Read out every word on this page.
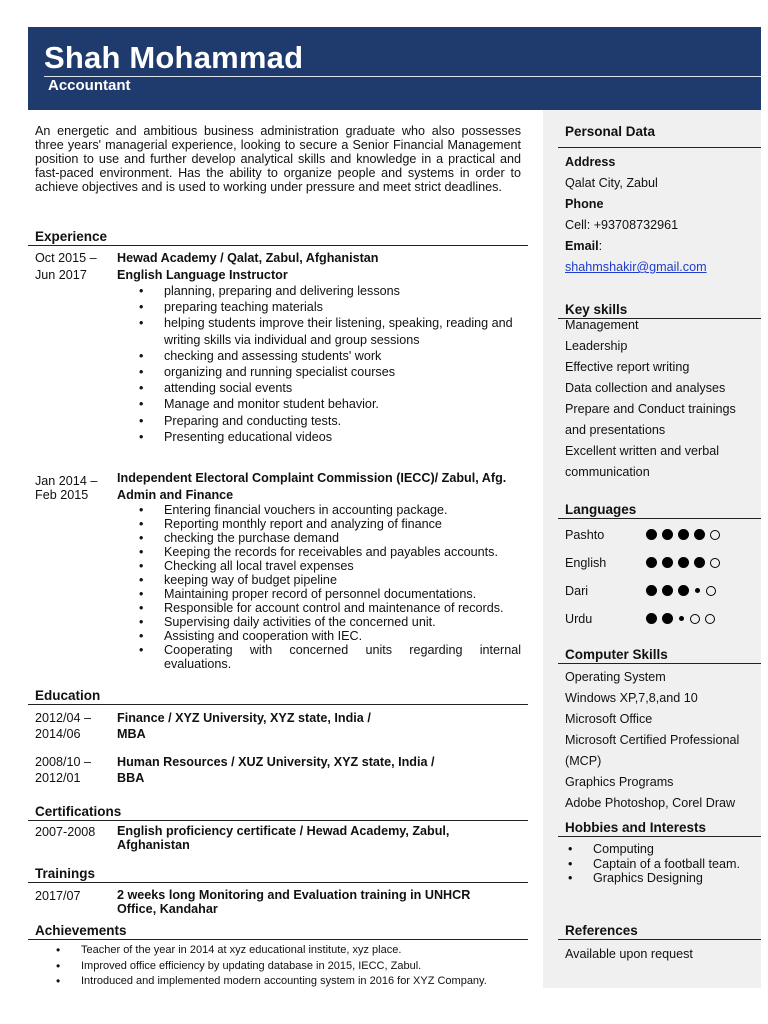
Shah Mohammad
Accountant
An energetic and ambitious business administration graduate who also possesses three years' managerial experience, looking to secure a Senior Financial Management position to use and further develop analytical skills and knowledge in a practical and fast-paced environment. Has the ability to organize people and systems in order to achieve objectives and is used to working under pressure and meet strict deadlines.
Experience
Oct 2015 –
Jun 2017
Hewad Academy / Qalat, Zabul, Afghanistan
English Language Instructor
• planning, preparing and delivering lessons
• preparing teaching materials
• helping students improve their listening, speaking, reading and writing skills via individual and group sessions
• checking and assessing students' work
• organizing and running specialist courses
• attending social events
• Manage and monitor student behavior.
• Preparing and conducting tests.
• Presenting educational videos
Jan 2014 –
Feb 2015
Independent Electoral Complaint Commission (IECC)/ Zabul, Afg.
Admin and Finance
• Entering financial vouchers in accounting package.
• Reporting monthly report and analyzing of finance
• checking the purchase demand
• Keeping the records for receivables and payables accounts.
• Checking all local travel expenses
• keeping way of budget pipeline
• Maintaining proper record of personnel documentations.
• Responsible for account control and maintenance of records.
• Supervising daily activities of the concerned unit.
• Assisting and cooperation with IEC.
• Cooperating with concerned units regarding internal evaluations.
Education
2012/04 –
2014/06
Finance / XYZ University, XYZ state, India /
MBA
2008/10 –
2012/01
Human Resources / XUZ University, XYZ state, India /
BBA
Certifications
2007-2008 English proficiency certificate / Hewad Academy, Zabul,
Afghanistan
Trainings
2017/07	2 weeks long Monitoring and Evaluation training in UNHCR
Office, Kandahar
Achievements
• Teacher of the year in 2014 at xyz educational institute, xyz place.
• Improved office efficiency by updating database in 2015, IECC, Zabul.
• Introduced and implemented modern accounting system in 2016 for XYZ Company.
Personal Data
Address
Qalat City, Zabul
Phone
Cell: +93708732961
Email:
shahmshakir@gmail.com
Key skills
Management
Leadership
Effective report writing
Data collection and analyses
Prepare and Conduct trainings and presentations
Excellent written and verbal communication
Languages
Pashto
English
Dari
Urdu
Computer Skills
Operating System
Windows XP,7,8,and 10
Microsoft Office
Microsoft Certified Professional (MCP)
Graphics Programs
Adobe Photoshop, Corel Draw
Hobbies and Interests
• Computing
• Captain of a football team.
• Graphics Designing
References
Available upon request
